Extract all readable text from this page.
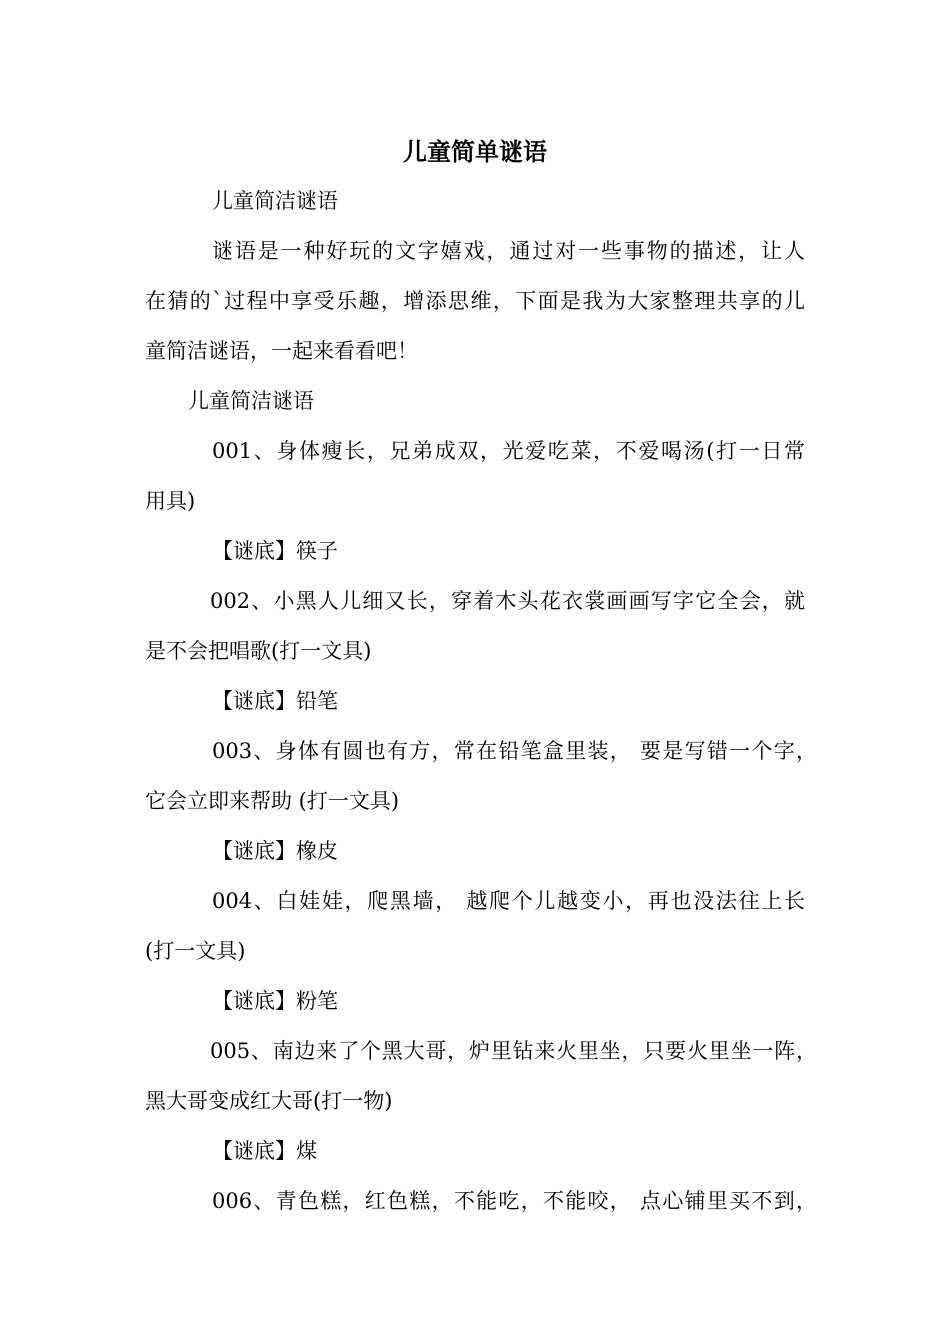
儿童简单谜语
儿童简洁谜语
谜语是一种好玩的文字嬉戏，通过对一些事物的描述，让人
在猜的`过程中享受乐趣，增添思维，下面是我为大家整理共享的儿
童简洁谜语，一起来看看吧！
儿童简洁谜语
001、身体瘦长，兄弟成双，光爱吃菜，不爱喝汤(打一日常
用具)
【谜底】筷子
002、小黑人儿细又长，穿着木头花衣裳画画写字它全会，就
是不会把唱歌(打一文具)
【谜底】铅笔
003、身体有圆也有方，常在铅笔盒里装， 要是写错一个字，
它会立即来帮助 (打一文具)
【谜底】橡皮
004、白娃娃，爬黑墙， 越爬个儿越变小，再也没法往上长
(打一文具)
【谜底】粉笔
005、南边来了个黑大哥，炉里钻来火里坐，只要火里坐一阵，
黑大哥变成红大哥(打一物)
【谜底】煤
006、青色糕，红色糕，不能吃，不能咬， 点心铺里买不到，
